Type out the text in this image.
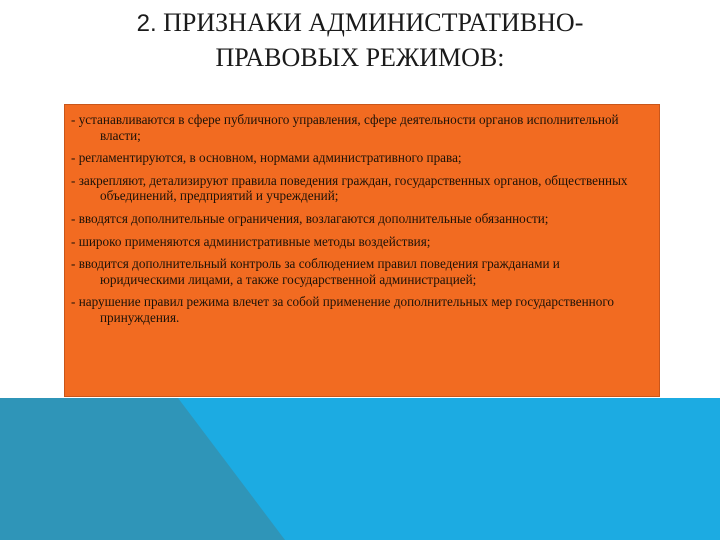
2. ПРИЗНАКИ АДМИНИСТРАТИВНО-
ПРАВОВЫХ РЕЖИМОВ:
- устанавливаются в сфере публичного управления, сфере деятельности органов исполнительной власти;
- регламентируются, в основном, нормами административного права;
- закрепляют, детализируют правила поведения граждан, государственных органов, общественных объединений, предприятий и учреждений;
- вводятся дополнительные ограничения, возлагаются дополнительные обязанности;
- широко применяются административные методы воздействия;
- вводится дополнительный контроль за соблюдением правил поведения гражданами и юридическими лицами, а также государственной администрацией;
- нарушение правил режима влечет за собой применение дополнительных мер государственного принуждения.
